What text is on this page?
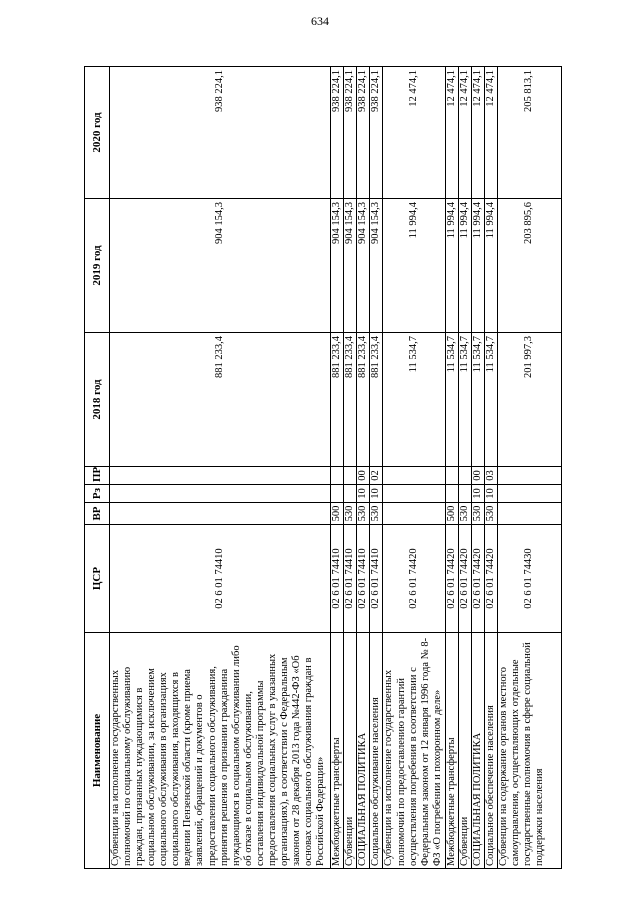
634
Наименование	ЦСР	ВР	Рз	ПР	2018 год	2019 год	2020 год
Субвенции на исполнение государственных полномочий по социальному обслуживанию граждан, признанных нуждающимися в социальном обслуживании, за исключением социального обслуживания в организациях социального обслуживания, находящихся в ведении Пензенской области (кроме приема заявлений, обращений и документов о предоставлении социального обслуживания, принятия решения о признании гражданина нуждающимся в социальном обслуживании либо об отказе в социальном обслуживании, составления индивидуальной программы предоставления социальных услуг в указанных организациях), в соответствии с Федеральным законом от 28 декабря 2013 года №442-ФЗ «Об основах социального обслуживания граждан в Российской Федерации»	02 6 01 74410				881 233,4	904 154,3	938 224,1
Межбюджетные трансферты	02 6 01 74410	500			881 233,4	904 154,3	938 224,1
Субвенции	02 6 01 74410	530			881 233,4	904 154,3	938 224,1
СОЦИАЛЬНАЯ ПОЛИТИКА	02 6 01 74410	530	10	00	881 233,4	904 154,3	938 224,1
Социальное обслуживание населения	02 6 01 74410	530	10	02	881 233,4	904 154,3	938 224,1
Субвенции на исполнение государственных полномочий по предоставлению гарантий осуществления погребения в соответствии с Федеральным законом от 12 января 1996 года № 8-ФЗ «О погребении и похоронном деле»	02 6 01 74420				11 534,7	11 994,4	12 474,1
Межбюджетные трансферты	02 6 01 74420	500			11 534,7	11 994,4	12 474,1
Субвенции	02 6 01 74420	530			11 534,7	11 994,4	12 474,1
СОЦИАЛЬНАЯ ПОЛИТИКА	02 6 01 74420	530	10	00	11 534,7	11 994,4	12 474,1
Социальное обеспечение населения	02 6 01 74420	530	10	03	11 534,7	11 994,4	12 474,1
Субвенции на содержание органов местного самоуправления, осуществляющих отдельные государственные полномочия в сфере социальной поддержки населения	02 6 01 74430				201 997,3	203 895,6	205 813,1
